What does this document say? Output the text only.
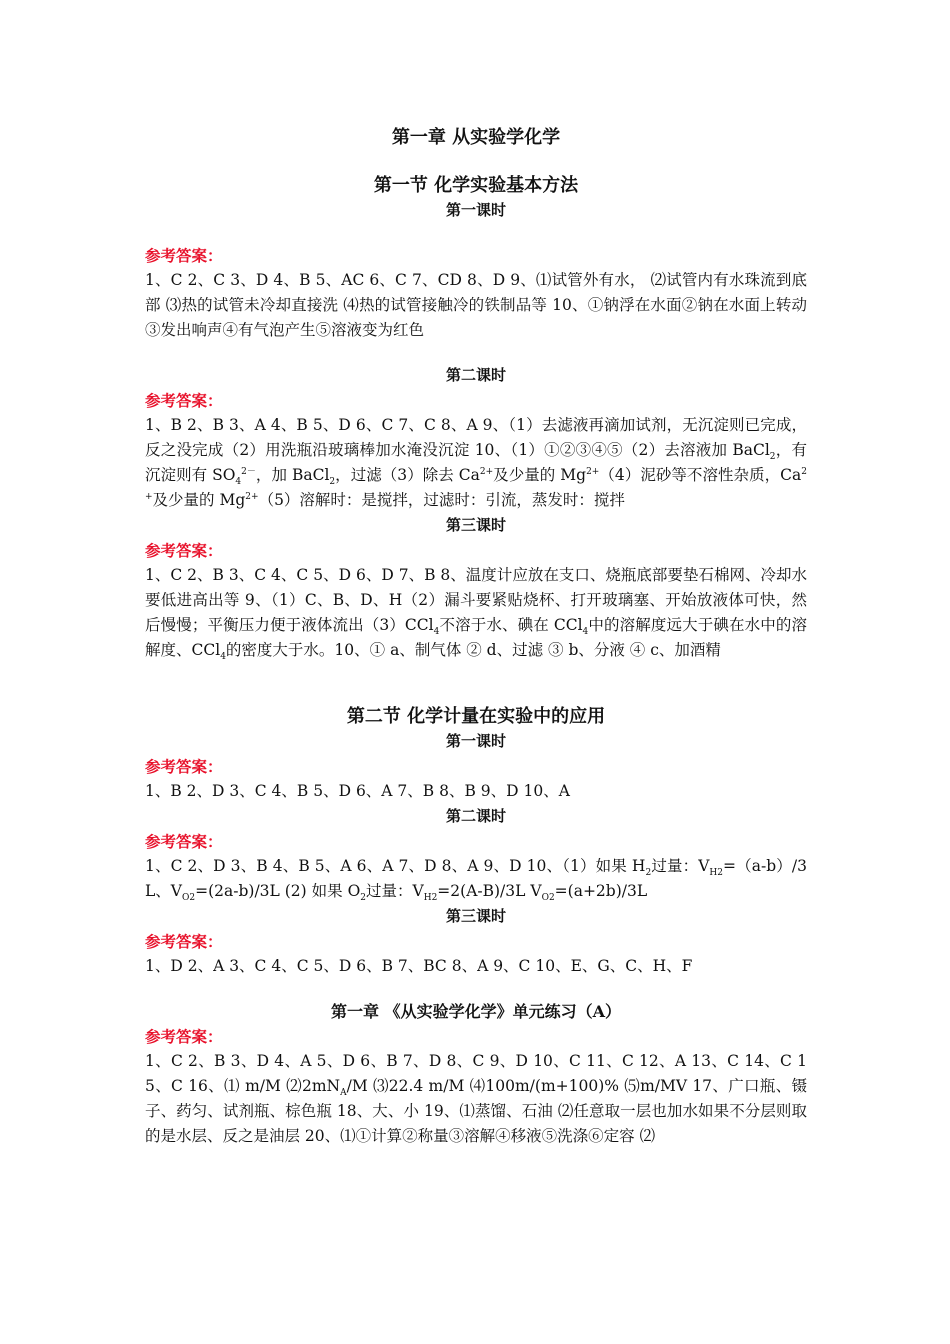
第一章 从实验学化学
第一节 化学实验基本方法
第一课时
参考答案：

1、C 2、C 3、D 4、B 5、AC 6、C 7、CD 8、D 9、⑴试管外有水， ⑵试管内有水珠流到底部 ⑶热的试管未冷却直接洗 ⑷热的试管接触冷的铁制品等 10、①钠浮在水面②钠在水面上转动③发出响声④有气泡产生⑤溶液变为红色

第二课时
参考答案：

1、B 2、B 3、A 4、B 5、D 6、C 7、C 8、A 9、（1）去滤液再滴加试剂，无沉淀则已完成，反之没完成（2）用洗瓶沿玻璃棒加水淹没沉淀 10、（1）①②③④⑤（2）去溶液加 BaCl$_2$，有沉淀则有 $SO_4^{2-}$，加 BaCl$_2$，过滤（3）除去 $Ca^{2+}$及少量的 $Mg^{2+}(4)$泥砂等不溶性杂质，$Ca^{2+}$及少量的 $Mg^{2+}(5)$溶解时：是搅拌，过滤时：引流，蒸发时：搅拌

第三课时
参考答案：

1、C 2、B 3、C 4、C 5、D 6、D 7、B 8、温度计应放在支口、烧瓶底部要垫石棉网、冷却水要低进高出等 9、（1）C、B、D、H（2）漏斗要紧贴烧杯、打开玻璃塞、开始放液体可快，然后慢慢；平衡压力便于液体流出（3）CCl$_4$不溶于水、碘在 CCl$_4$中的溶解度远大于碘在水中的溶解度、CCl$_4$的密度大于水。10、① a、制气体 ② d、过滤 ③ b、分液 ④ c、加酒精

第二节 化学计量在实验中的应用
第一课时
参考答案：

1、B 2、D 3、C 4、B 5、D 6、A 7、B 8、B 9、D 10、A

第二课时
参考答案：

1、C 2、D 3、B 4、B 5、A 6、A 7、D 8、A 9、D 10、（1）如果 $H_2$过量：$V_{H2}=(a-b)/3L$、$V_{O2}=(2a-b)/3L$ (2) 如果 $O_2$过量：$V_{H2}=2(A-B)/3L$ $V_{O2}=(a+2b)/3L$

第三课时
参考答案：

1、D 2、A 3、C 4、C 5、D 6、B 7、BC 8、A 9、C 10、E、G、C、H、F

第一章 《从实验学化学》单元练习（A）
参考答案：

1、C 2、B 3、D 4、A 5、D 6、B 7、D 8、C 9、D 10、C 11、C 12、A 13、C 14、C 15、C 16、⑴ m/M $⑵2mN_A/M$ ⑶22.4 m/M ⑷100m/(m+100)% ⑸m/MV 17、广口瓶、镊子、药匀、试剂瓶、棕色瓶 18、大、小 19、⑴蒸馏、石油 ⑵任意取一层也加水如果不分层则取的是水层、反之是油层 20、⑴①计算②称量③溶解④移液⑤洗涤⑥定容 ⑵
